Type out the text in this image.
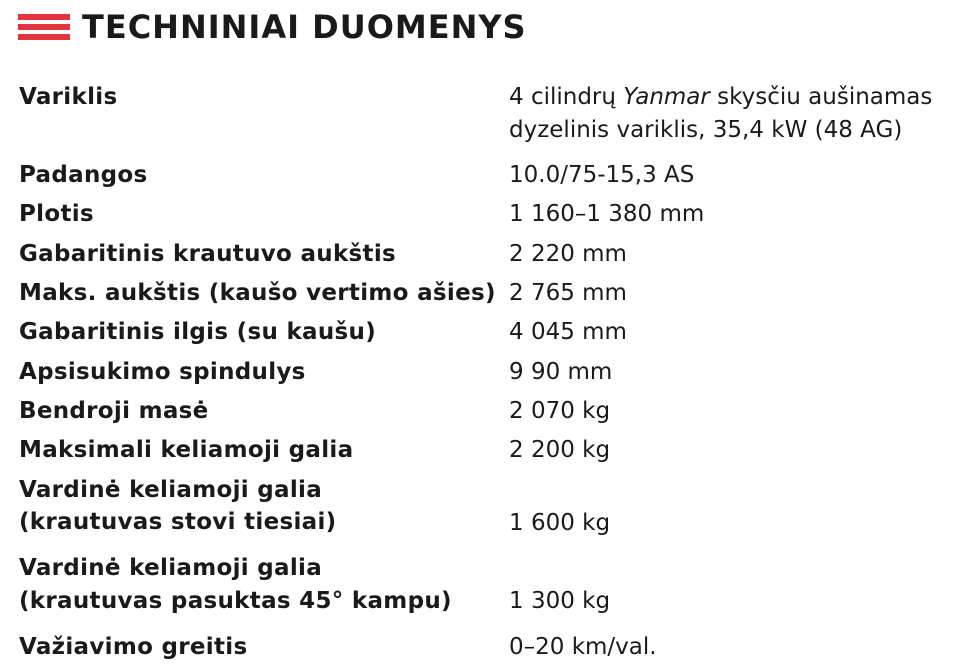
TECHNINIAI DUOMENYS
Variklis	4 cilindrų Yanmar skysčiu aušinamas
dyzelinis variklis, 35,4 kW (48 AG)
Padangos	10.0/75-15,3 AS
Plotis	1 160–1 380 mm
Gabaritinis krautuvo aukštis	2 220 mm
Maks. aukštis (kaušo vertimo ašies) 2 765 mm
Gabaritinis ilgis (su kaušu)	4 045 mm
Apsisukimo spindulys	9 90 mm
Bendroji masė	2 070 kg
Maksimali keliamoji galia	2 200 kg
Vardinė keliamoji galia
(krautuvas stovi tiesiai)	1 600 kg
Vardinė keliamoji galia
(krautuvas pasuktas 45° kampu) 1 300 kg
Važiavimo greitis	0–20 km/val.
